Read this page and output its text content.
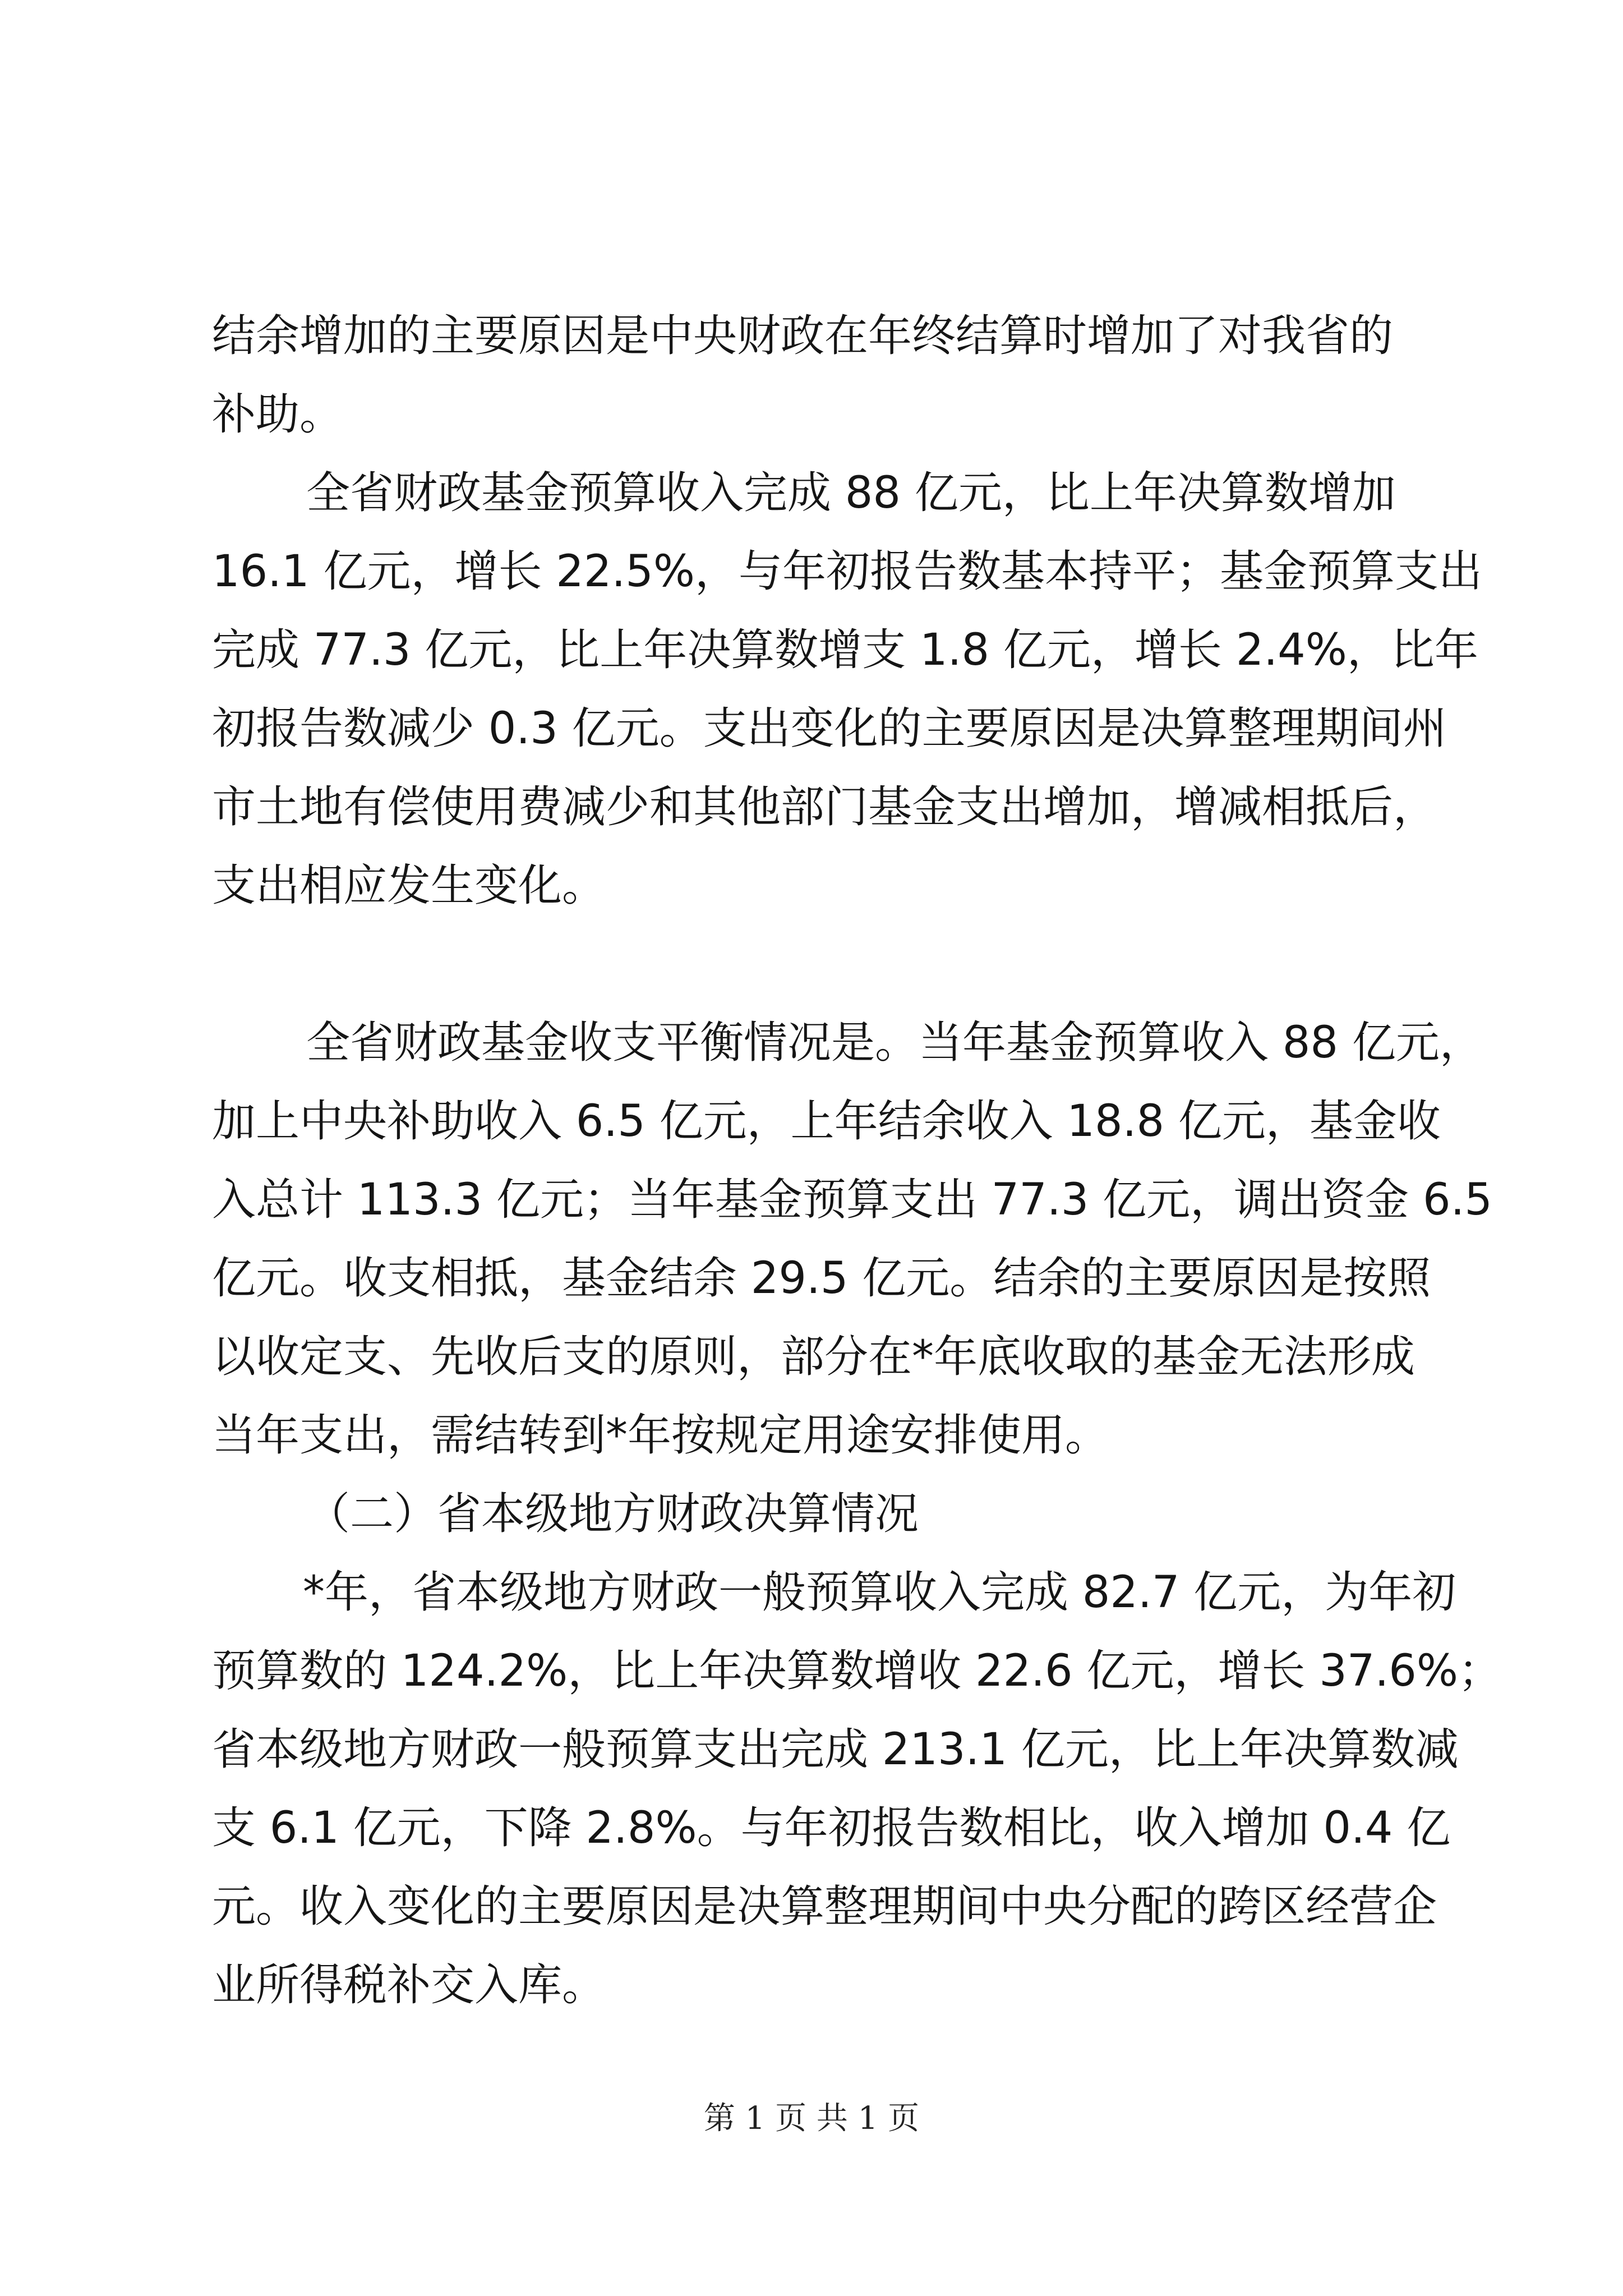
结余增加的主要原因是中央财政在年终结算时增加了对我省的
补助。
全省财政基金预算收入完成 88 亿元，比上年决算数增加
16.1 亿元，增长 22.5%，与年初报告数基本持平；基金预算支出
完成 77.3 亿元，比上年决算数增支 1.8 亿元，增长 2.4%，比年
初报告数减少 0.3 亿元。支出变化的主要原因是决算整理期间州
市土地有偿使用费减少和其他部门基金支出增加，增减相抵后，
支出相应发生变化。
全省财政基金收支平衡情况是。当年基金预算收入 88 亿元，
加上中央补助收入 6.5 亿元，上年结余收入 18.8 亿元，基金收
入总计 113.3 亿元；当年基金预算支出 77.3 亿元，调出资金 6.5
亿元。收支相抵，基金结余 29.5 亿元。结余的主要原因是按照
以收定支、先收后支的原则，部分在*年底收取的基金无法形成
当年支出，需结转到*年按规定用途安排使用。
（二）省本级地方财政决算情况
*年，省本级地方财政一般预算收入完成 82.7 亿元，为年初
预算数的 124.2%，比上年决算数增收 22.6 亿元，增长 37.6%；
省本级地方财政一般预算支出完成 213.1 亿元，比上年决算数减
支 6.1 亿元，下降 2.8%。与年初报告数相比，收入增加 0.4 亿
元。收入变化的主要原因是决算整理期间中央分配的跨区经营企
业所得税补交入库。
第 1 页 共 1 页
